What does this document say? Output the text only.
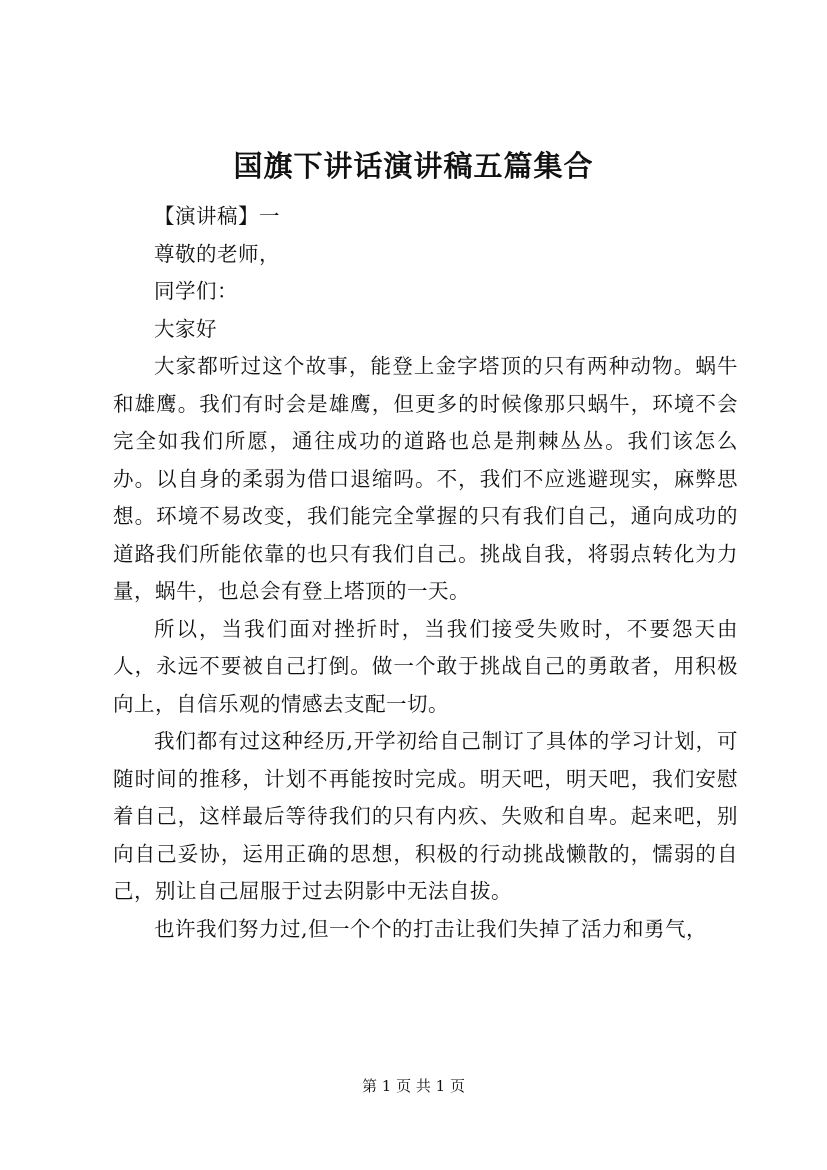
国旗下讲话演讲稿五篇集合

【演讲稿】一

尊敬的老师，

同学们：

大家好

大家都听过这个故事，能登上金字塔顶的只有两种动物。蜗牛和雄鹰。我们有时会是雄鹰，但更多的时候像那只蜗牛，环境不会完全如我们所愿，通往成功的道路也总是荆棘丛丛。我们该怎么办。以自身的柔弱为借口退缩吗。不，我们不应逃避现实，麻弊思想。环境不易改变，我们能完全掌握的只有我们自己，通向成功的道路我们所能依靠的也只有我们自己。挑战自我，将弱点转化为力量，蜗牛，也总会有登上塔顶的一天。

所以，当我们面对挫折时，当我们接受失败时，不要怨天由人，永远不要被自己打倒。做一个敢于挑战自己的勇敢者，用积极向上，自信乐观的情感去支配一切。

我们都有过这种经历,开学初给自己制订了具体的学习计划，可随时间的推移，计划不再能按时完成。明天吧，明天吧，我们安慰着自己，这样最后等待我们的只有内疚、失败和自卑。起来吧，别向自己妥协，运用正确的思想，积极的行动挑战懒散的，懦弱的自己，别让自己屈服于过去阴影中无法自拔。

也许我们努力过,但一个个的打击让我们失掉了活力和勇气，

第 1 页 共 1 页
